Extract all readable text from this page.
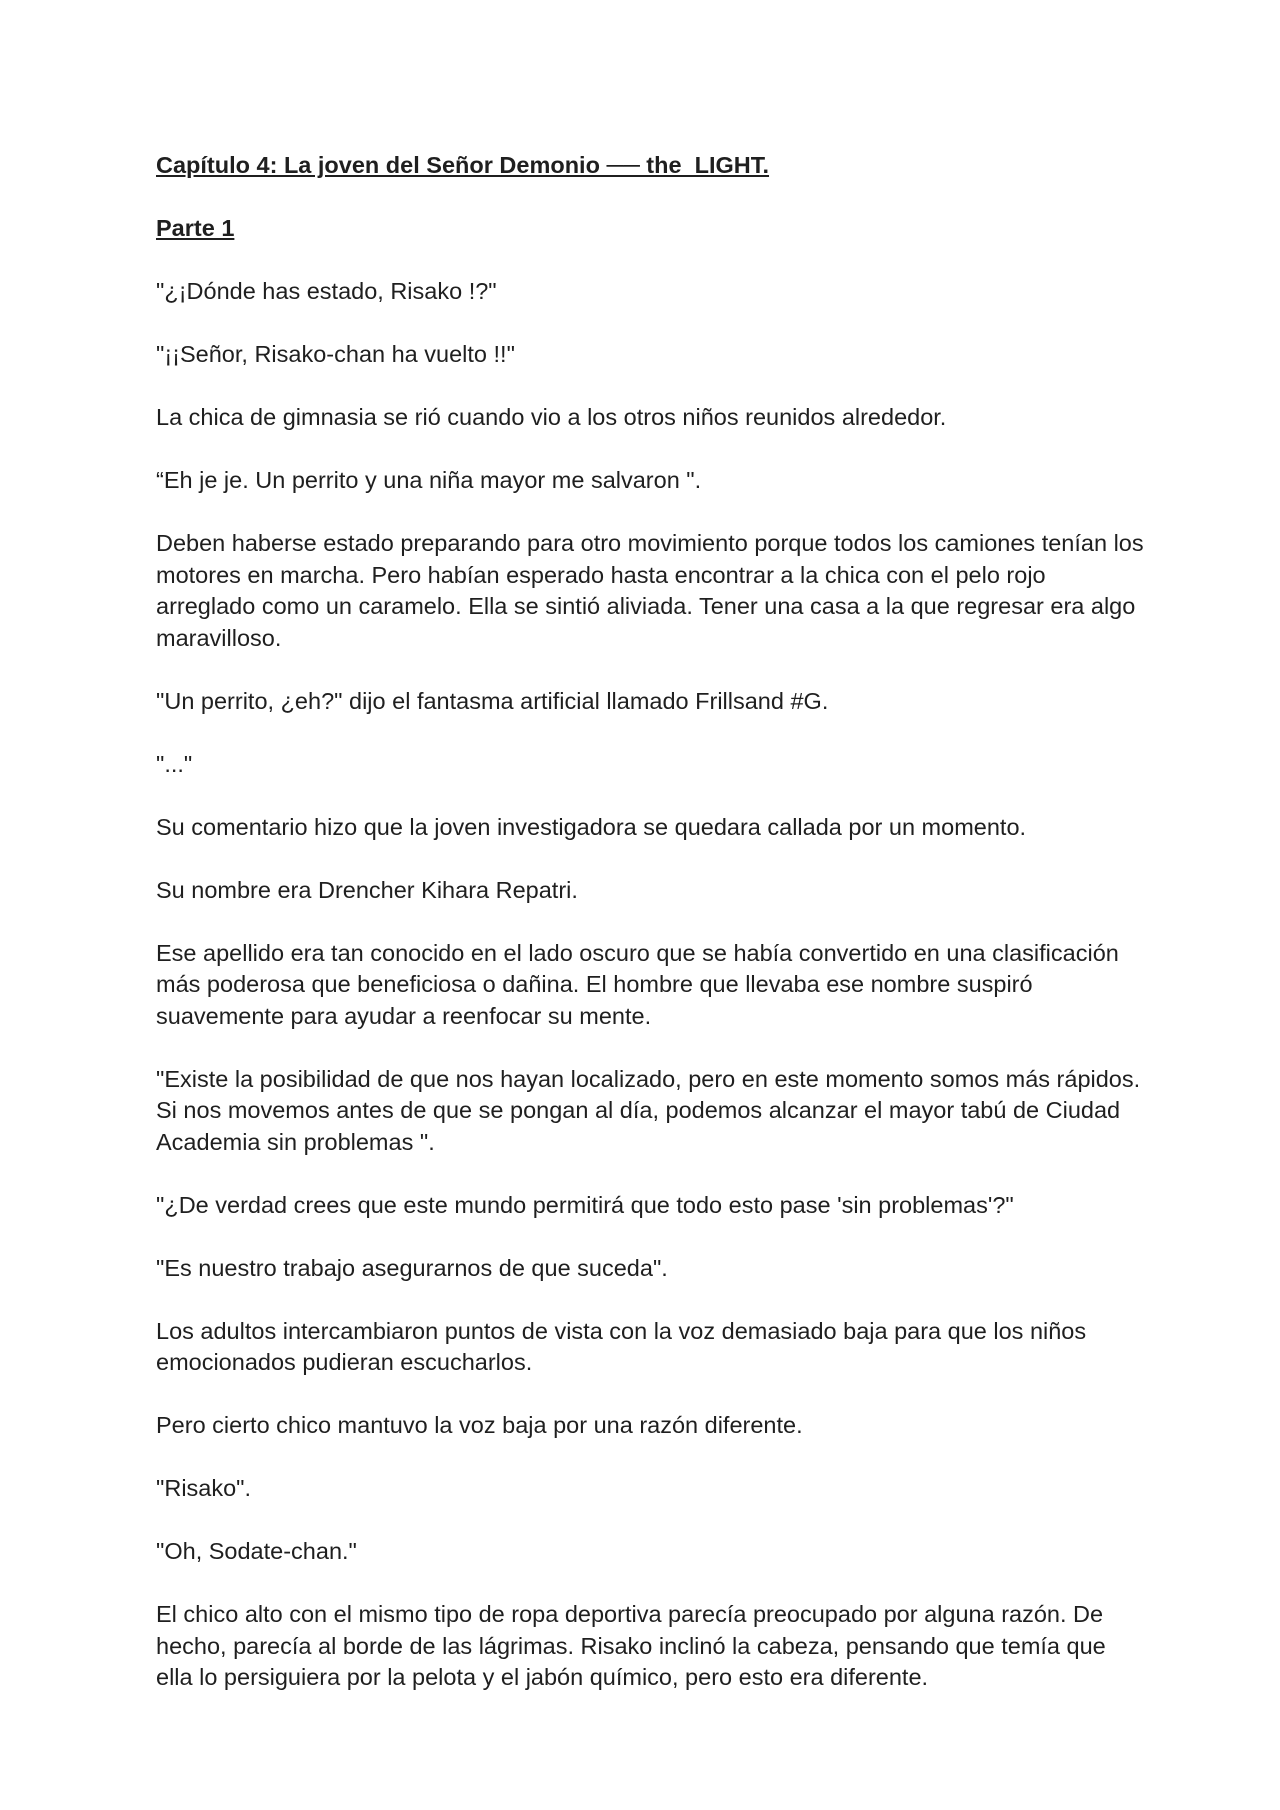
Capítulo 4: La joven del Señor Demonio ── the_LIGHT.

Parte 1

"¿¡Dónde has estado, Risako !?"

"¡¡Señor, Risako-chan ha vuelto !!"

La chica de gimnasia se rió cuando vio a los otros niños reunidos alrededor.

“Eh je je. Un perrito y una niña mayor me salvaron ".

Deben haberse estado preparando para otro movimiento porque todos los camiones tenían los motores en marcha. Pero habían esperado hasta encontrar a la chica con el pelo rojo arreglado como un caramelo. Ella se sintió aliviada. Tener una casa a la que regresar era algo maravilloso.

"Un perrito, ¿eh?" dijo el fantasma artificial llamado Frillsand #G.

"..."

Su comentario hizo que la joven investigadora se quedara callada por un momento.

Su nombre era Drencher Kihara Repatri.

Ese apellido era tan conocido en el lado oscuro que se había convertido en una clasificación más poderosa que beneficiosa o dañina. El hombre que llevaba ese nombre suspiró suavemente para ayudar a reenfocar su mente.

"Existe la posibilidad de que nos hayan localizado, pero en este momento somos más rápidos. Si nos movemos antes de que se pongan al día, podemos alcanzar el mayor tabú de Ciudad Academia sin problemas ".

"¿De verdad crees que este mundo permitirá que todo esto pase 'sin problemas'?"

"Es nuestro trabajo asegurarnos de que suceda".

Los adultos intercambiaron puntos de vista con la voz demasiado baja para que los niños emocionados pudieran escucharlos.

Pero cierto chico mantuvo la voz baja por una razón diferente.

"Risako".

"Oh, Sodate-chan."

El chico alto con el mismo tipo de ropa deportiva parecía preocupado por alguna razón. De hecho, parecía al borde de las lágrimas. Risako inclinó la cabeza, pensando que temía que ella lo persiguiera por la pelota y el jabón químico, pero esto era diferente.
